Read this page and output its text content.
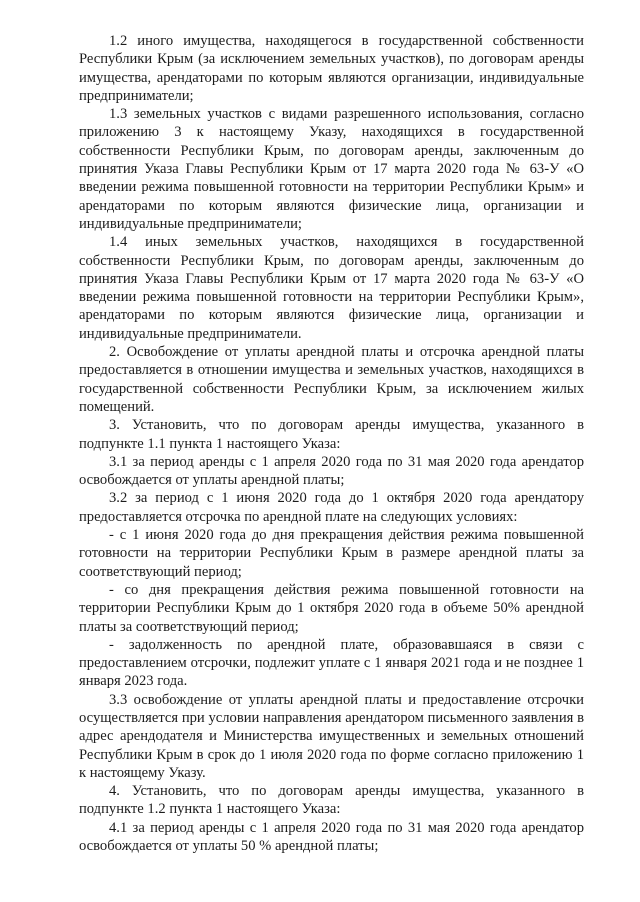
1.2 иного имущества, находящегося в государственной собственности Республики Крым (за исключением земельных участков), по договорам аренды имущества, арендаторами по которым являются организации, индивидуальные предприниматели;

1.3 земельных участков с видами разрешенного использования, согласно приложению 3 к настоящему Указу, находящихся в государственной собственности Республики Крым, по договорам аренды, заключенным до принятия Указа Главы Республики Крым от 17 марта 2020 года № 63-У «О введении режима повышенной готовности на территории Республики Крым» и арендаторами по которым являются физические лица, организации и индивидуальные предприниматели;

1.4 иных земельных участков, находящихся в государственной собственности Республики Крым, по договорам аренды, заключенным до принятия Указа Главы Республики Крым от 17 марта 2020 года № 63-У «О введении режима повышенной готовности на территории Республики Крым», арендаторами по которым являются физические лица, организации и индивидуальные предприниматели.

2. Освобождение от уплаты арендной платы и отсрочка арендной платы предоставляется в отношении имущества и земельных участков, находящихся в государственной собственности Республики Крым, за исключением жилых помещений.

3. Установить, что по договорам аренды имущества, указанного в подпункте 1.1 пункта 1 настоящего Указа:

3.1 за период аренды с 1 апреля 2020 года по 31 мая 2020 года арендатор освобождается от уплаты арендной платы;

3.2 за период с 1 июня 2020 года до 1 октября 2020 года арендатору предоставляется отсрочка по арендной плате на следующих условиях:

- с 1 июня 2020 года до дня прекращения действия режима повышенной готовности на территории Республики Крым в размере арендной платы за соответствующий период;

- со дня прекращения действия режима повышенной готовности на территории Республики Крым до 1 октября 2020 года в объеме 50% арендной платы за соответствующий период;

- задолженность по арендной плате, образовавшаяся в связи с предоставлением отсрочки, подлежит уплате с 1 января 2021 года и не позднее 1 января 2023 года.

3.3 освобождение от уплаты арендной платы и предоставление отсрочки осуществляется при условии направления арендатором письменного заявления в адрес арендодателя и Министерства имущественных и земельных отношений Республики Крым в срок до 1 июля 2020 года по форме согласно приложению 1 к настоящему Указу.

4. Установить, что по договорам аренды имущества, указанного в подпункте 1.2 пункта 1 настоящего Указа:

4.1 за период аренды с 1 апреля 2020 года по 31 мая 2020 года арендатор освобождается от уплаты 50 % арендной платы;
